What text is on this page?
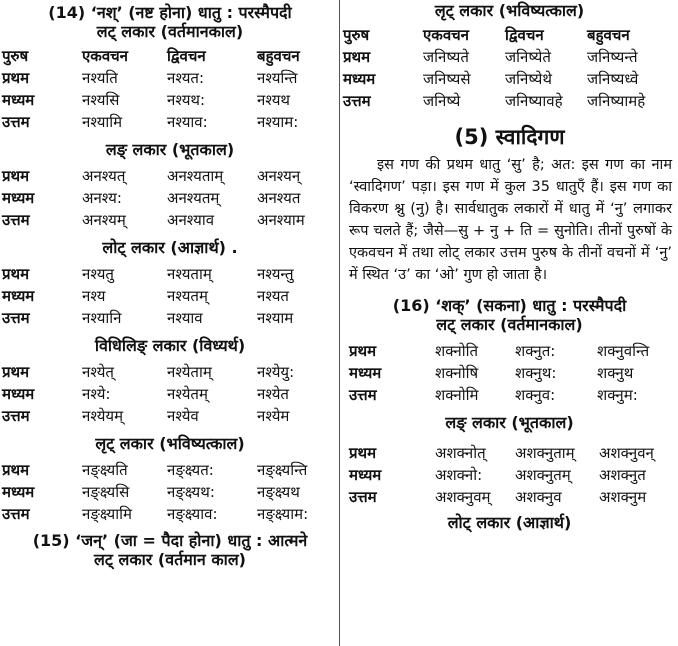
(14) ‘नश्’ (नष्ट होना) धातु : परस्मैपदी

लट् लकार (वर्तमानकाल)

पुरुष	एकवचन	द्विवचन	बहुवचन
प्रथम	नश्यति	नश्यत:	नश्यन्ति
मध्यम	नश्यसि	नश्यथ:	नश्यथ
उत्तम	नश्यामि	नश्याव:	नश्याम:

लङ् लकार (भूतकाल)

प्रथम	अनश्यत्	अनश्यताम्	अनश्यन्
मध्यम	अनश्य:	अनश्यतम्	अनश्यत
उत्तम	अनश्यम्	अनश्याव	अनश्याम

लोट् लकार (आज्ञार्थ) .

प्रथम	नश्यतु	नश्यताम्	नश्यन्तु
मध्यम	नश्य	नश्यतम्	नश्यत
उत्तम	नश्यानि	नश्याव	नश्याम

विधिलिङ् लकार (विध्यर्थ)

प्रथम	नश्येत्	नश्येताम्	नश्येयु:
मध्यम	नश्ये:	नश्येतम्	नश्येत
उत्तम	नश्येयम्	नश्येव	नश्येम

लृट् लकार (भविष्यत्काल)

प्रथम	नङ्क्ष्यति	नङ्क्ष्यत:	नङ्क्ष्यन्ति
मध्यम	नङ्क्ष्यसि	नङ्क्ष्यथ:	नङ्क्ष्यथ
उत्तम	नङ्क्ष्यामि	नङ्क्ष्याव:	नङ्क्ष्याम:

(15) ‘जन्’ (जा = पैदा होना) धातु : आत्मने

लट् लकार (वर्तमान काल)

लृट् लकार (भविष्यत्काल)

पुरुष	एकवचन	द्विवचन	बहुवचन
प्रथम	जनिष्यते	जनिष्येते	जनिष्यन्ते
मध्यम	जनिष्यसे	जनिष्येथे	जनिष्यध्वे
उत्तम	जनिष्ये	जनिष्यावहे	जनिष्यामहे

(5) स्वादिगण

इस गण की प्रथम धातु ‘सु’ है; अत: इस गण का नाम ‘स्वादिगण’ पड़ा। इस गण में कुल 35 धातुएँ हैं। इस गण का विकरण श्नु (नु) है। सार्वधातुक लकारों में धातु में ‘नु’ लगाकर रूप चलते हैं; जैसे—सु + नु + ति = सुनोति। तीनों पुरुषों के एकवचन में तथा लोट् लकार उत्तम पुरुष के तीनों वचनों में ‘नु’ में स्थित ‘उ’ का ‘ओ’ गुण हो जाता है।

(16) ‘शक्’ (सकना) धातु : परस्मैपदी

लट् लकार (वर्तमानकाल)

प्रथम	शक्नोति	शक्नुत:	शक्नुवन्ति
मध्यम	शक्नोषि	शक्नुथ:	शक्नुथ
उत्तम	शक्नोमि	शक्नुव:	शक्नुम:

लङ् लकार (भूतकाल)

प्रथम	अशक्नोत्	अशक्नुताम्	अशक्नुवन्
मध्यम	अशक्नो:	अशक्नुतम्	अशक्नुत
उत्तम	अशक्नुवम्	अशक्नुव	अशक्नुम

लोट् लकार (आज्ञार्थ)
